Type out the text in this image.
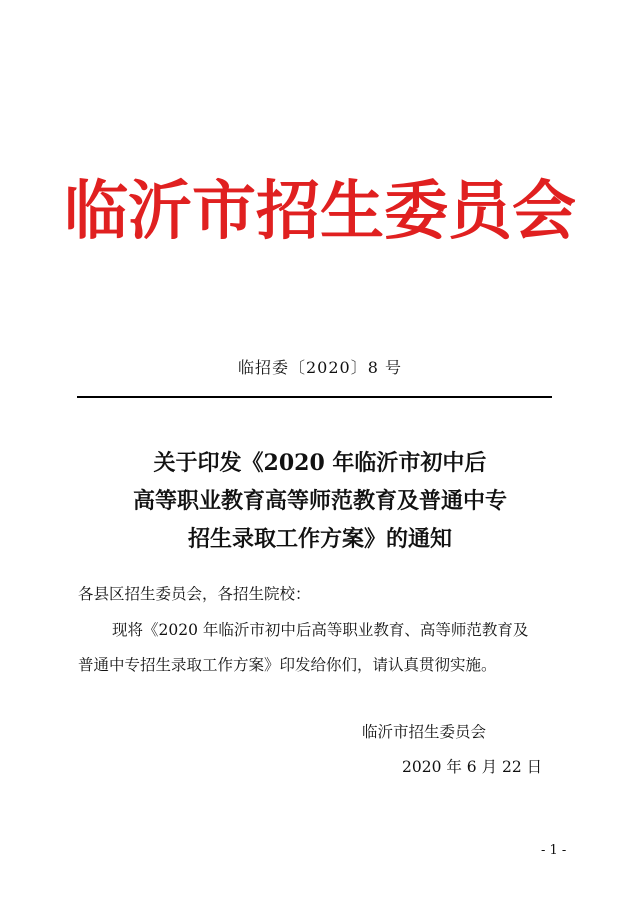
临沂市招生委员会
临招委〔2020〕8 号
关于印发《2020 年临沂市初中后
高等职业教育高等师范教育及普通中专
招生录取工作方案》的通知
各县区招生委员会，各招生院校：
现将《2020 年临沂市初中后高等职业教育、高等师范教育及
普通中专招生录取工作方案》印发给你们，请认真贯彻实施。
临沂市招生委员会
2020 年 6 月 22 日
- 1 -
